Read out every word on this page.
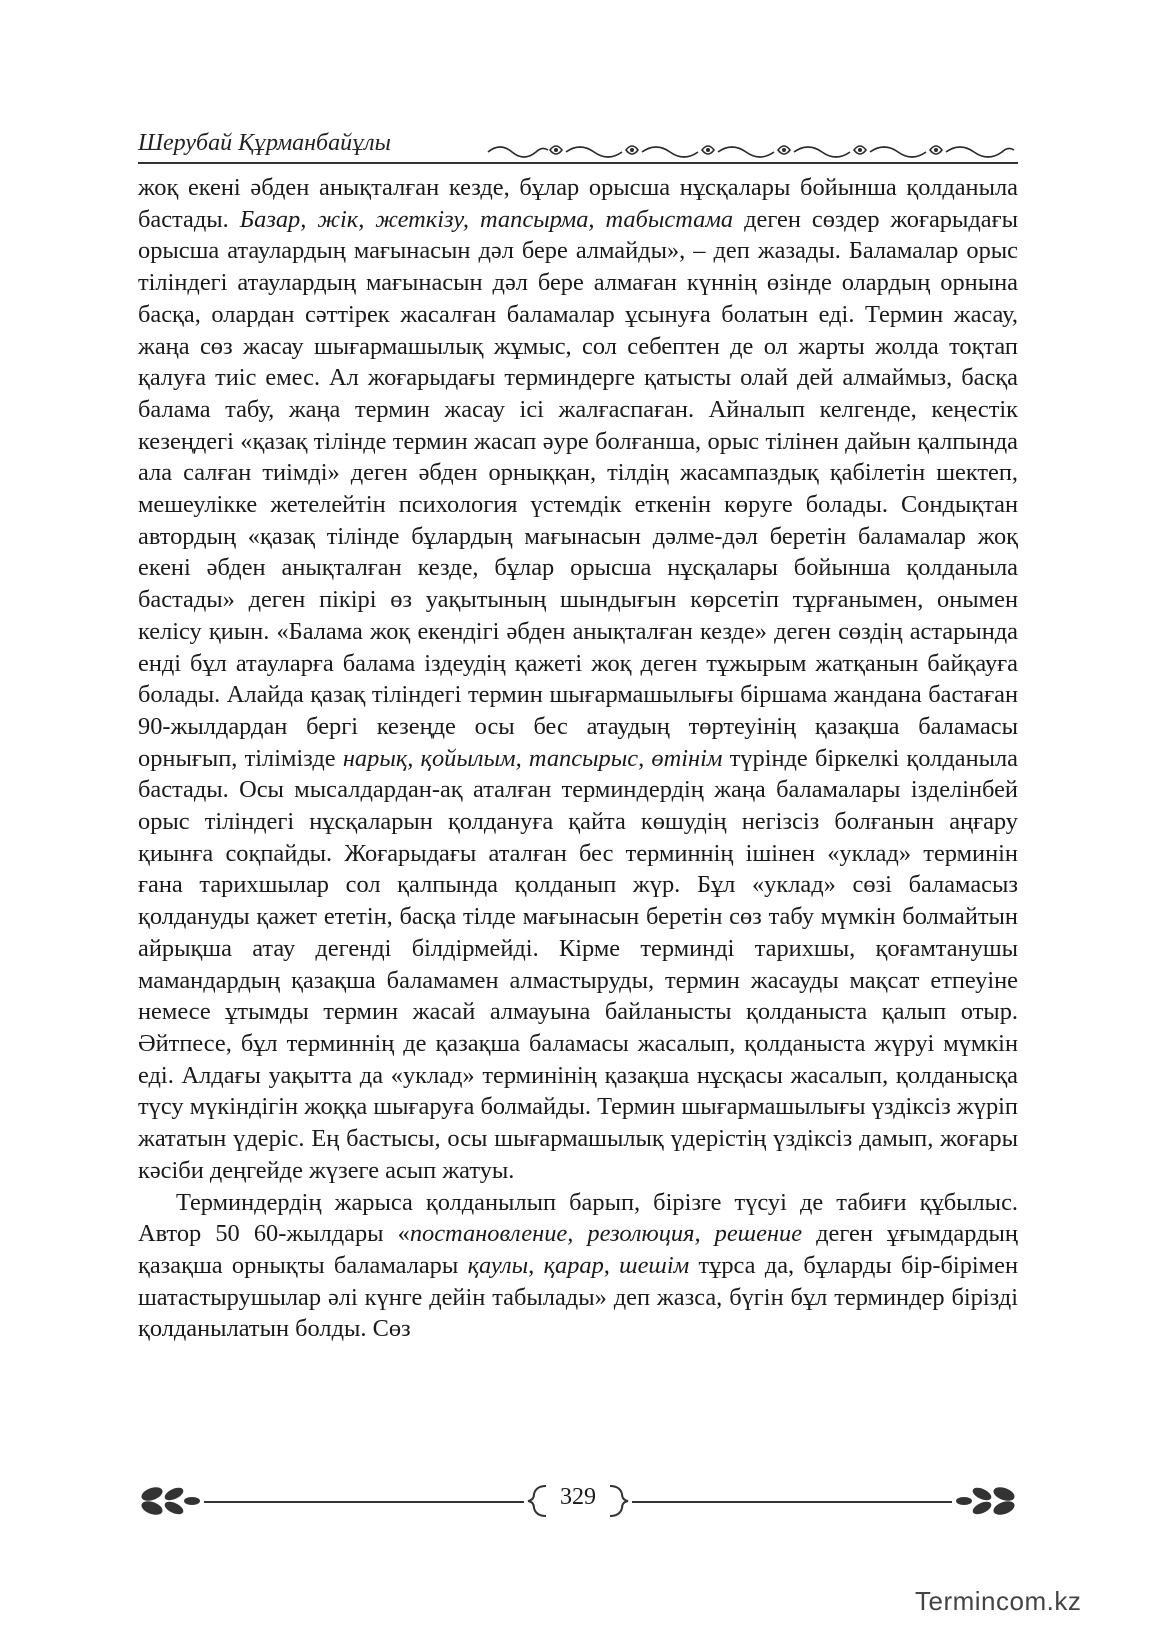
Шерубай Құрманбайұлы

жоқ екені әбден анықталған кезде, бұлар орысша нұсқалары бойынша қолданыла бастады. Базар, жік, жеткізу, тапсырма, табыстама деген сөздер жоғарыдағы орысша атаулардың мағынасын дәл бере алмайды», – деп жазады. Баламалар орыс тіліндегі атаулардың мағынасын дәл бере алмаған күннің өзінде олардың орнына басқа, олардан сәттірек жасалған баламалар ұсынуға болатын еді. Термин жасау, жаңа сөз жасау шығармашылық жұмыс, сол себептен де ол жарты жолда тоқтап қалуға тиіс емес. Ал жоғарыдағы терминдерге қатысты олай дей алмаймыз, басқа балама табу, жаңа термин жасау ісі жалғаспаған. Айналып келгенде, кеңестік кезеңдегі «қазақ тілінде термин жасап әуре болғанша, орыс тілінен дайын қалпында ала салған тиімді» деген әбден орныққан, тілдің жасампаздық қабілетін шектеп, мешеулікке жетелейтін психология үстемдік еткенін көруге болады. Сондықтан автордың «қазақ тілінде бұлардың мағынасын дәлме-дәл беретін баламалар жоқ екені әбден анықталған кезде, бұлар орысша нұсқалары бойынша қолданыла бастады» деген пікірі өз уақытының шындығын көрсетіп тұрғанымен, онымен келісу қиын. «Балама жоқ екендігі әбден анықталған кезде» деген сөздің астарында енді бұл атауларға балама іздеудің қажеті жоқ деген тұжырым жатқанын байқауға болады. Алайда қазақ тіліндегі термин шығармашылығы біршама жандана бастаған 90-жылдардан бергі кезеңде осы бес атаудың төртеуінің қазақша баламасы орнығып, тілімізде нарық, қойылым, тапсырыс, өтінім түрінде біркелкі қолданыла бастады. Осы мысалдардан-ақ аталған терминдердің жаңа баламалары ізделінбей орыс тіліндегі нұсқаларын қолдануға қайта көшудің негізсіз болғанын аңғару қиынға соқпайды. Жоғарыдағы аталған бес терминнің ішінен «уклад» терминін ғана тарихшылар сол қалпында қолданып жүр. Бұл «уклад» сөзі баламасыз қолдануды қажет ететін, басқа тілде мағынасын беретін сөз табу мүмкін болмайтын айрықша атау дегенді білдірмейді. Кірме терминді тарихшы, қоғамтанушы мамандардың қазақша баламамен алмастыруды, термин жасауды мақсат етпеуіне немесе ұтымды термин жасай алмауына байланысты қолданыста қалып отыр. Әйтпесе, бұл терминнің де қазақша баламасы жасалып, қолданыста жүруі мүмкін еді. Алдағы уақытта да «уклад» терминінің қазақша нұсқасы жасалып, қолданысқа түсу мүкіндігін жоққа шығаруға болмайды. Термин шығармашылығы үздіксіз жүріп жататын үдеріс. Ең бастысы, осы шығармашылық үдерістің үздіксіз дамып, жоғары кәсіби деңгейде жүзеге асып жатуы.

Терминдердің жарыса қолданылып барып, бірізге түсуі де табиғи құбылыс. Автор 50 60-жылдары «постановление, резолюция, решение деген ұғымдардың қазақша орнықты баламалары қаулы, қарар, шешім тұрса да, бұларды бір-бірімен шатастырушылар әлі күнге дейін табылады» деп жазса, бүгін бұл терминдер бірізді қолданылатын болды. Сөз

329
Termincom.kz
